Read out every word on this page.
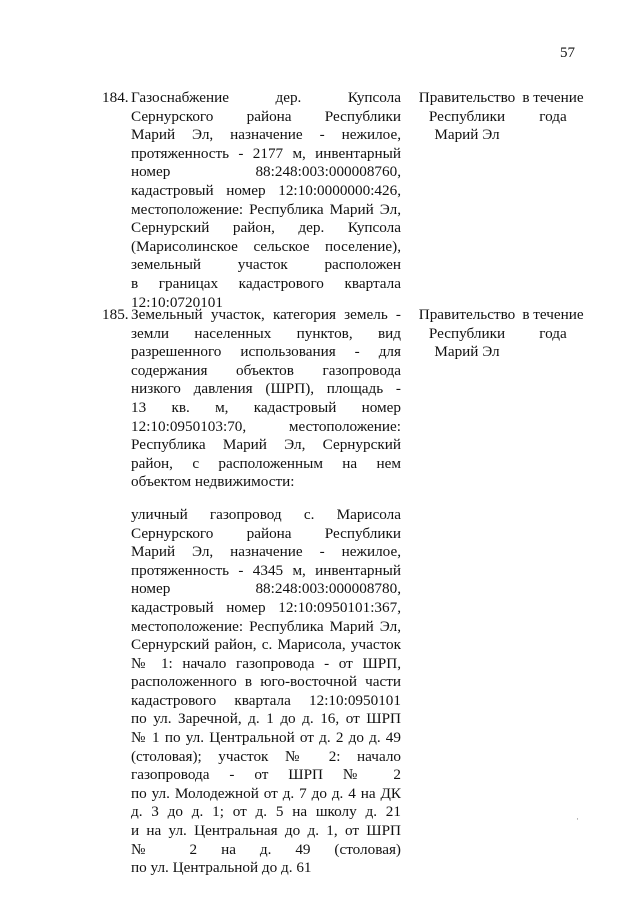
57
184. Газоснабжение дер. Купсола

Сернурского района Республики

Марий Эл, назначение - нежилое,

протяженность - 2177 м, инвентарный

номер 88:248:003:000008760,

кадастровый номер 12:10:0000000:426,

местоположение: Республика Марий Эл,

Сернурский район, дер. Купсола

(Марисолинское сельское поселение),

земельный участок расположен

в границах кадастрового квартала

12:10:0720101

Правительство
Республики
Марий Эл
в течение
года
185. Земельный участок, категория земель -

земли населенных пунктов, вид

разрешенного использования - для

содержания объектов газопровода

низкого давления (ШРП), площадь -

13 кв. м, кадастровый номер

12:10:0950103:70, местоположение:

Республика Марий Эл, Сернурский

район, с расположенным на нем

объектом недвижимости:

уличный газопровод с. Марисола

Сернурского района Республики

Марий Эл, назначение - нежилое,

протяженность - 4345 м, инвентарный

номер 88:248:003:000008780,

кадастровый номер 12:10:0950101:367,

местоположение: Республика Марий Эл,

Сернурский район, с. Марисола, участок

№ 1: начало газопровода - от ШРП,

расположенного в юго-восточной части

кадастрового квартала 12:10:0950101

по ул. Заречной, д. 1 до д. 16, от ШРП

№ 1 по ул. Центральной от д. 2 до д. 49

(столовая); участок № 2: начало

газопровода - от ШРП № 2

по ул. Молодежной от д. 7 до д. 4 на ДК

д. 3 до д. 1; от д. 5 на школу д. 21

и на ул. Центральная до д. 1, от ШРП

№ 2 на д. 49 (столовая)

по ул. Центральной до д. 61

Правительство
Республики
Марий Эл
в течение
года
·
